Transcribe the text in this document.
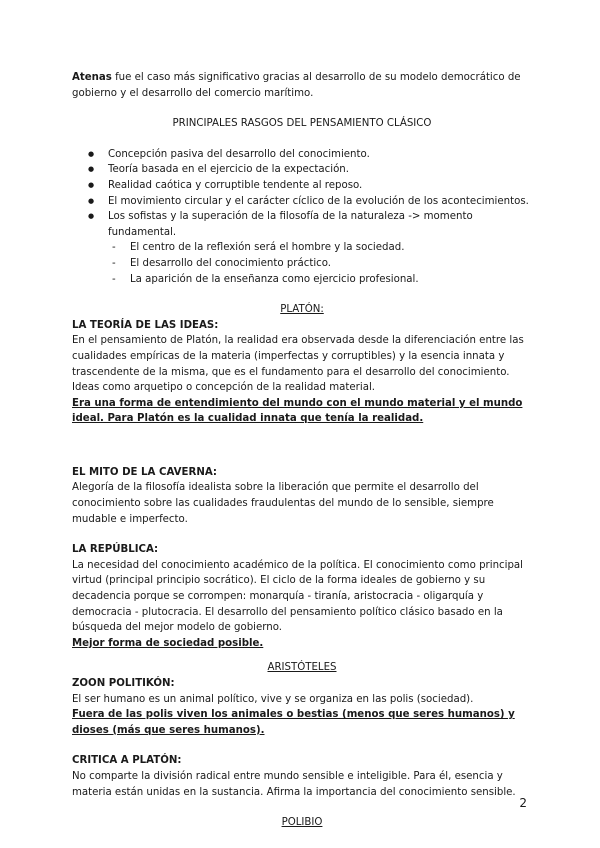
Atenas fue el caso más significativo gracias al desarrollo de su modelo democrático de gobierno y el desarrollo del comercio marítimo.

PRINCIPALES RASGOS DEL PENSAMIENTO CLÁSICO

● Concepción pasiva del desarrollo del conocimiento.
● Teoría basada en el ejercicio de la expectación.
● Realidad caótica y corruptible tendente al reposo.
● El movimiento circular y el carácter cíclico de la evolución de los acontecimientos.
● Los sofistas y la superación de la filosofía de la naturaleza -> momento fundamental.
- El centro de la reflexión será el hombre y la sociedad.
- El desarrollo del conocimiento práctico.
- La aparición de la enseñanza como ejercicio profesional.

PLATÓN:

LA TEORÍA DE LAS IDEAS:

En el pensamiento de Platón, la realidad era observada desde la diferenciación entre las cualidades empíricas de la materia (imperfectas y corruptibles) y la esencia innata y trascendente de la misma, que es el fundamento para el desarrollo del conocimiento. Ideas como arquetipo o concepción de la realidad material.

Era una forma de entendimiento del mundo con el mundo material y el mundo ideal. Para Platón es la cualidad innata que tenía la realidad.

EL MITO DE LA CAVERNA:

Alegoría de la filosofía idealista sobre la liberación que permite el desarrollo del conocimiento sobre las cualidades fraudulentas del mundo de lo sensible, siempre mudable e imperfecto.

LA REPÚBLICA:

La necesidad del conocimiento académico de la política. El conocimiento como principal virtud (principal principio socrático). El ciclo de la forma ideales de gobierno y su decadencia porque se corrompen: monarquía - tiranía, aristocracia - oligarquía y democracia - plutocracia. El desarrollo del pensamiento político clásico basado en la búsqueda del mejor modelo de gobierno.

Mejor forma de sociedad posible.

ARISTÓTELES

ZOON POLITIKÓN:

El ser humano es un animal político, vive y se organiza en las polis (sociedad).

Fuera de las polis viven los animales o bestias (menos que seres humanos) y dioses (más que seres humanos).

CRITICA A PLATÓN:

No comparte la división radical entre mundo sensible e inteligible. Para él, esencia y materia están unidas en la sustancia. Afirma la importancia del conocimiento sensible.

POLIBIO

2
